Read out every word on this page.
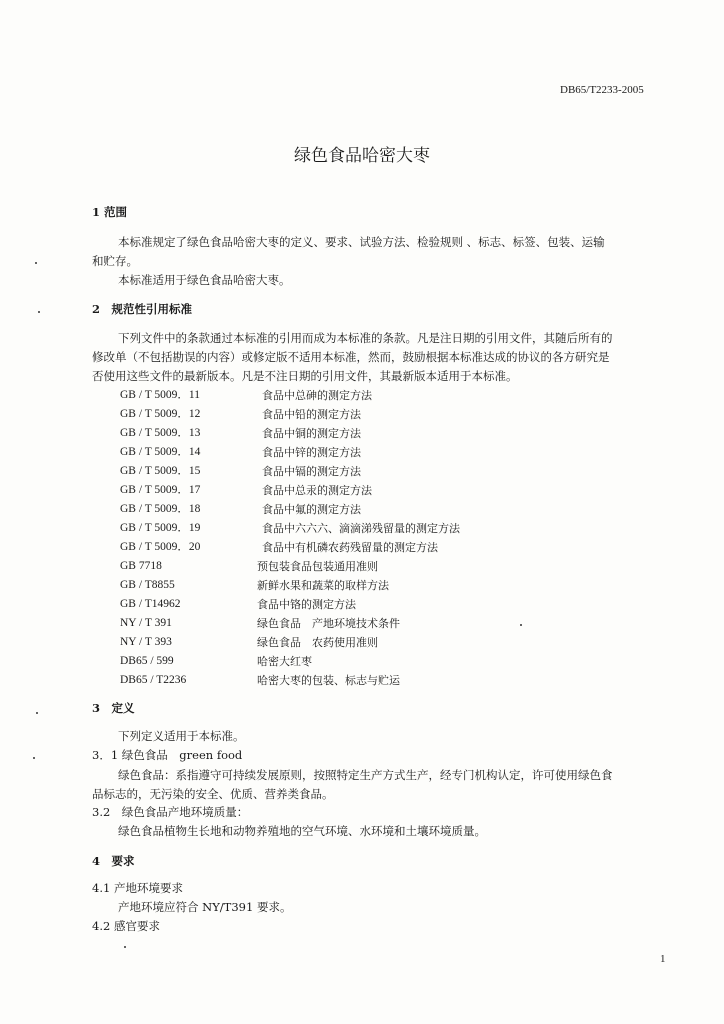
DB65/T2233-2005
绿色食品哈密大枣
1 范围
本标准规定了绿色食品哈密大枣的定义、要求、试验方法、检验规则 、标志、标签、包装、运输
和贮存。
本标准适用于绿色食品哈密大枣。
2　规范性引用标准
下列文件中的条款通过本标准的引用而成为本标准的条款。凡是注日期的引用文件，其随后所有的
修改单（不包括勘误的内容）或修定版不适用本标准，然而，鼓励根据本标准达成的协议的各方研究是
否使用这些文件的最新版本。凡是不注日期的引用文件，其最新版本适用于本标准。
GB / T 5009．11	食品中总砷的测定方法
GB / T 5009．12	食品中铅的测定方法
GB / T 5009．13	食品中铜的测定方法
GB / T 5009．14	食品中锌的测定方法
GB / T 5009．15	食品中镉的测定方法
GB / T 5009．17	食品中总汞的测定方法
GB / T 5009．18	食品中氟的测定方法
GB / T 5009．19	食品中六六六、滴滴涕残留量的测定方法
GB / T 5009．20	食品中有机磷农药残留量的测定方法
GB 7718	预包装食品包装通用准则
GB / T8855	新鲜水果和蔬菜的取样方法
GB / T14962	食品中铬的测定方法
NY / T 391	绿色食品　产地环境技术条件
NY / T 393	绿色食品　农药使用准则
DB65 / 599	哈密大红枣
DB65 / T2236	哈密大枣的包装、标志与贮运
3　定义
下列定义适用于本标准。
3．1 绿色食品　green food
绿色食品：系指遵守可持续发展原则，按照特定生产方式生产，经专门机构认定，许可使用绿色食
品标志的，无污染的安全、优质、营养类食品。
3.2　绿色食品产地环境质量：
绿色食品植物生长地和动物养殖地的空气环境、水环境和土壤环境质量。
4　要求
4.1 产地环境要求
产地环境应符合 NY/T391 要求。
4.2 感官要求
1
